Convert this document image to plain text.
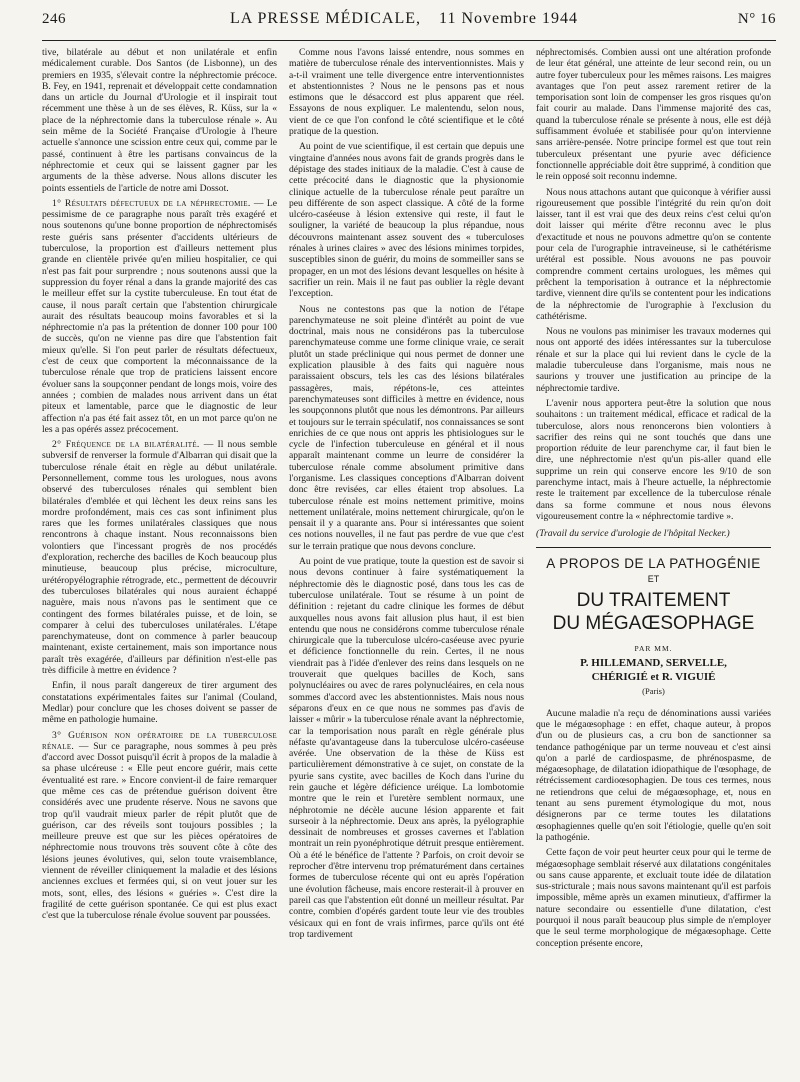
246	LA PRESSE MÉDICALE, 11 Novembre 1944	N° 16

tive, bilatérale au début et non unilatérale et enfin médicalement curable. Dos Santos (de Lisbonne), un des premiers en 1935, s'élevait contre la néphrectomie précoce. B. Fey, en 1941, reprenait et développait cette condamnation dans un article du Journal d'Urologie et il inspirait tout récemment une thèse à un de ses élèves, R. Küss, sur la « place de la néphrectomie dans la tuberculose rénale ». Au sein même de la Société Française d'Urologie à l'heure actuelle s'annonce une scission entre ceux qui, comme par le passé, continuent à être les partisans convaincus de la néphrectomie et ceux qui se laissent gagner par les arguments de la thèse adverse. Nous allons discuter les points essentiels de l'article de notre ami Dossot.

1° Résultats défectueux de la néphrectomie. — Le pessimisme de ce paragraphe nous paraît très exagéré et nous soutenons qu'une bonne proportion de néphrectomisés reste guéris sans présenter d'accidents ultérieurs de tuberculose, la proportion est d'ailleurs nettement plus grande en clientèle privée qu'en milieu hospitalier, ce qui n'est pas fait pour surprendre ; nous soutenons aussi que la suppression du foyer rénal a dans la grande majorité des cas le meilleur effet sur la cystite tuberculeuse. En tout état de cause, il nous paraît certain que l'abstention chirurgicale aurait des résultats beaucoup moins favorables et si la néphrectomie n'a pas la prétention de donner 100 pour 100 de succès, qu'on ne vienne pas dire que l'abstention fait mieux qu'elle. Si l'on peut parler de résultats défectueux, c'est de ceux que comportent la méconnaissance de la tuberculose rénale que trop de praticiens laissent encore évoluer sans la soupçonner pendant de longs mois, voire des années ; combien de malades nous arrivent dans un état piteux et lamentable, parce que le diagnostic de leur affection n'a pas été fait assez tôt, en un mot parce qu'on ne les a pas opérés assez précocement.

2° Fréquence de la bilatéralité. — Il nous semble subversif de renverser la formule d'Albarran qui disait que la tuberculose rénale était en règle au début unilatérale. Personnellement, comme tous les urologues, nous avons observé des tuberculoses rénales qui semblent bien bilatérales d'emblée et qui lèchent les deux reins sans les mordre profondément, mais ces cas sont infiniment plus rares que les formes unilatérales classiques que nous rencontrons à chaque instant. Nous reconnaissons bien volontiers que l'incessant progrès de nos procédés d'exploration, recherche des bacilles de Koch beaucoup plus minutieuse, beaucoup plus précise, microculture, urétéropyélographie rétrograde, etc., permettent de découvrir des tuberculoses bilatérales qui nous auraient échappé naguère, mais nous n'avons pas le sentiment que ce contingent des formes bilatérales puisse, et de loin, se comparer à celui des tuberculoses unilatérales. L'étape parenchymateuse, dont on commence à parler beaucoup maintenant, existe certainement, mais son importance nous paraît très exagérée, d'ailleurs par définition n'est-elle pas très difficile à mettre en évidence ?

Enfin, il nous paraît dangereux de tirer argument des constatations expérimentales faites sur l'animal (Couland, Medlar) pour conclure que les choses doivent se passer de même en pathologie humaine.

3° Guérison non opératoire de la tuberculose rénale. — Sur ce paragraphe, nous sommes à peu près d'accord avec Dossot puisqu'il écrit à propos de la maladie à sa phase ulcéreuse : « Elle peut encore guérir, mais cette éventualité est rare. » Encore convient-il de faire remarquer que même ces cas de prétendue guérison doivent être considérés avec une prudente réserve. Nous ne savons que trop qu'il vaudrait mieux parler de répit plutôt que de guérison, car des réveils sont toujours possibles ; la meilleure preuve est que sur les pièces opératoires de néphrectomie nous trouvons très souvent côte à côte des lésions jeunes évolutives, qui, selon toute vraisemblance, viennent de réveiller cliniquement la maladie et des lésions anciennes exclues et fermées qui, si on veut jouer sur les mots, sont, elles, des lésions « guéries ». C'est dire la fragilité de cette guérison spontanée. Ce qui est plus exact c'est que la tuberculose rénale évolue souvent par poussées.

Comme nous l'avons laissé entendre, nous sommes en matière de tuberculose rénale des interventionnistes. Mais y a-t-il vraiment une telle divergence entre interventionnistes et abstentionnistes ? Nous ne le pensons pas et nous estimons que le désaccord est plus apparent que réel. Essayons de nous expliquer. Le malentendu, selon nous, vient de ce que l'on confond le côté scientifique et le côté pratique de la question.

Au point de vue scientifique, il est certain que depuis une vingtaine d'années nous avons fait de grands progrès dans le dépistage des stades initiaux de la maladie. C'est à cause de cette précocité dans le diagnostic que la physionomie clinique actuelle de la tuberculose rénale peut paraître un peu différente de son aspect classique. A côté de la forme ulcéro-caséeuse à lésion extensive qui reste, il faut le souligner, la variété de beaucoup la plus répandue, nous découvrons maintenant assez souvent des « tuberculoses rénales à urines claires » avec des lésions minimes torpides, susceptibles sinon de guérir, du moins de sommeiller sans se propager, en un mot des lésions devant lesquelles on hésite à sacrifier un rein. Mais il ne faut pas oublier la règle devant l'exception.

Nous ne contestons pas que la notion de l'étape parenchymateuse ne soit pleine d'intérêt au point de vue doctrinal, mais nous ne considérons pas la tuberculose parenchymateuse comme une forme clinique vraie, ce serait plutôt un stade préclinique qui nous permet de donner une explication plausible à des faits qui naguère nous paraissaient obscurs, tels les cas des lésions bilatérales passagères, mais, répétons-le, ces atteintes parenchymateuses sont difficiles à mettre en évidence, nous les soupçonnons plutôt que nous les démontrons. Par ailleurs et toujours sur le terrain spéculatif, nos connaissances se sont enrichies de ce que nous ont appris les phtisiologues sur le cycle de l'infection tuberculeuse en général et il nous apparaît maintenant comme un leurre de considérer la tuberculose rénale comme absolument primitive dans l'organisme. Les classiques conceptions d'Albarran doivent donc être revisées, car elles étaient trop absolues. La tuberculose rénale est moins nettement primitive, moins nettement unilatérale, moins nettement chirurgicale, qu'on le pensait il y a quarante ans. Pour si intéressantes que soient ces notions nouvelles, il ne faut pas perdre de vue que c'est sur le terrain pratique que nous devons conclure.

Au point de vue pratique, toute la question est de savoir si nous devons continuer à faire systématiquement la néphrectomie dès le diagnostic posé, dans tous les cas de tuberculose unilatérale. Tout se résume à un point de définition : rejetant du cadre clinique les formes de début auxquelles nous avons fait allusion plus haut, il est bien entendu que nous ne considérons comme tuberculose rénale chirurgicale que la tuberculose ulcéro-caséeuse avec pyurie et déficience fonctionnelle du rein. Certes, il ne nous viendrait pas à l'idée d'enlever des reins dans lesquels on ne trouverait que quelques bacilles de Koch, sans polynucléaires ou avec de rares polynucléaires, en cela nous sommes d'accord avec les abstentionnistes. Mais nous nous séparons d'eux en ce que nous ne sommes pas d'avis de laisser « mûrir » la tuberculose rénale avant la néphrectomie, car la temporisation nous paraît en règle générale plus néfaste qu'avantageuse dans la tuberculose ulcéro-caséeuse avérée. Une observation de la thèse de Küss est particulièrement démonstrative à ce sujet, on constate de la pyurie sans cystite, avec bacilles de Koch dans l'urine du rein gauche et légère déficience uréique. La lombotomie montre que le rein et l'uretère semblent normaux, une néphrotomie ne décèle aucune lésion apparente et fait surseoir à la néphrectomie. Deux ans après, la pyélographie dessinait de nombreuses et grosses cavernes et l'ablation montrait un rein pyonéphrotique détruit presque entièrement. Où a été le bénéfice de l'attente ? Parfois, on croit devoir se reprocher d'être intervenu trop prématurément dans certaines formes de tuberculose récente qui ont eu après l'opération une évolution fâcheuse, mais encore resterait-il à prouver en pareil cas que l'abstention eût donné un meilleur résultat. Par contre, combien d'opérés gardent toute leur vie des troubles vésicaux qui en font de vrais infirmes, parce qu'ils ont été trop tardivement

néphrectomisés. Combien aussi ont une altération profonde de leur état général, une atteinte de leur second rein, ou un autre foyer tuberculeux pour les mêmes raisons. Les maigres avantages que l'on peut assez rarement retirer de la temporisation sont loin de compenser les gros risques qu'on fait courir au malade. Dans l'immense majorité des cas, quand la tuberculose rénale se présente à nous, elle est déjà suffisamment évoluée et stabilisée pour qu'on intervienne sans arrière-pensée. Notre principe formel est que tout rein tuberculeux présentant une pyurie avec déficience fonctionnelle appréciable doit être supprimé, à condition que le rein opposé soit reconnu indemne.

Nous nous attachons autant que quiconque à vérifier aussi rigoureusement que possible l'intégrité du rein qu'on doit laisser, tant il est vrai que des deux reins c'est celui qu'on doit laisser qui mérite d'être reconnu avec le plus d'exactitude et nous ne pouvons admettre qu'on se contente pour cela de l'urographie intraveineuse, si le cathétérisme urétéral est possible. Nous avouons ne pas pouvoir comprendre comment certains urologues, les mêmes qui prêchent la temporisation à outrance et la néphrectomie tardive, viennent dire qu'ils se contentent pour les indications de la néphrectomie de l'urographie à l'exclusion du cathétérisme.

Nous ne voulons pas minimiser les travaux modernes qui nous ont apporté des idées intéressantes sur la tuberculose rénale et sur la place qui lui revient dans le cycle de la maladie tuberculeuse dans l'organisme, mais nous ne saurions y trouver une justification au principe de la néphrectomie tardive.

L'avenir nous apportera peut-être la solution que nous souhaitons : un traitement médical, efficace et radical de la tuberculose, alors nous renoncerons bien volontiers à sacrifier des reins qui ne sont touchés que dans une proportion réduite de leur parenchyme car, il faut bien le dire, une néphrectomie n'est qu'un pis-aller quand elle supprime un rein qui conserve encore les 9/10 de son parenchyme intact, mais à l'heure actuelle, la néphrectomie reste le traitement par excellence de la tuberculose rénale dans sa forme commune et nous nous élevons vigoureusement contre la « néphrectomie tardive ».

(Travail du service d'urologie de l'hôpital Necker.)

A PROPOS DE LA PATHOGÉNIE
ET
DU TRAITEMENT
DU MÉGAŒSOPHAGE
PAR MM.
P. HILLEMAND, SERVELLE,
CHÉRIGIÉ et R. VIGUIÉ
(Paris)

Aucune maladie n'a reçu de dénominations aussi variées que le mégaœsophage : en effet, chaque auteur, à propos d'un ou de plusieurs cas, a cru bon de sanctionner sa tendance pathogénique par un terme nouveau et c'est ainsi qu'on a parlé de cardiospasme, de phrénospasme, de mégaœsophage, de dilatation idiopathique de l'œsophage, de rétrécissement cardioœsophagien. De tous ces termes, nous ne retiendrons que celui de mégaœsophage, et, nous en tenant au sens purement étymologique du mot, nous désignerons par ce terme toutes les dilatations œsophagiennes quelle qu'en soit l'étiologie, quelle qu'en soit la pathogénie.

Cette façon de voir peut heurter ceux pour qui le terme de mégaœsophage semblait réservé aux dilatations congénitales ou sans cause apparente, et excluait toute idée de dilatation sus-stricturale ; mais nous savons maintenant qu'il est parfois impossible, même après un examen minutieux, d'affirmer la nature secondaire ou essentielle d'une dilatation, c'est pourquoi il nous paraît beaucoup plus simple de n'employer que le seul terme morphologique de mégaœsophage. Cette conception présente encore,
